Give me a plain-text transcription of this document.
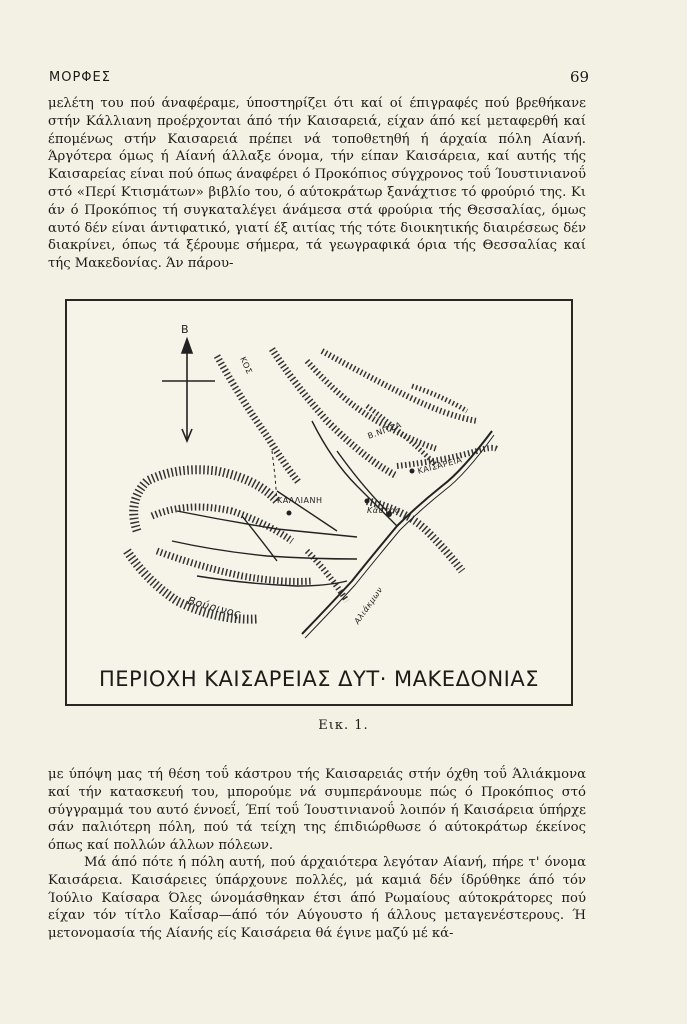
ΜΟΡΦΕΣ	69

μελέτη του πού άναφέραμε, ύποστηρίζει ότι καί οί έπιγραφές πού βρεθήκανε στήν Κάλλιανη προέρχονται άπό τήν Καισαρειά, είχαν άπό κεί μεταφερθή καί έπομένως στήν Καισαρειά πρέπει νά τοποθετηθή ή άρχαία πόλη Αίανή. Άργότερα όμως ή Αίανή άλλαξε όνομα, τήν είπαν Καισάρεια, καί αυτής τής Καισαρείας είναι πού όπως άναφέρει ό Προκόπιος σύγχρονος τοΰ Ίουστινιανοΰ στό «Περί Κτισμάτων» βιβλίο του, ό αύτοκράτωρ ξανάχτισε τό φρούριό της. Κι άν ό Προκόπιος τή συγκαταλέγει άνάμεσα στά φρούρια τής Θεσσαλίας, όμως αυτό δέν είναι άντιφατικό, γιατί έξ αιτίας τής τότε διοικητικής διαιρέσεως δέν διακρίνει, όπως τά ξέρουμε σήμερα, τά γεωγραφικά όρια τής Θεσσαλίας καί τής Μακεδονίας. Άν πάρου-

Β
ΚΟΣ
Β.ΝΙΤΣΑ
ΚΑΙΣΑΡΕΙΑ
ΚΑΛΛΙΑΝΗ
Κάστρο
Αλιάκμων
Βούρινος
ΠΕΡΙΟΧΗ ΚΑΙΣΑΡΕΙΑΣ ΔΥΤ· ΜΑΚΕΔΟΝΙΑΣ
Εικ. 1.

με ύπόψη μας τή θέση τοΰ κάστρου τής Καισαρειάς στήν όχθη τοΰ Άλιάκμονα καί τήν κατασκευή του, μπορούμε νά συμπεράνουμε πώς ό Προκόπιος στό σύγγραμμά του αυτό έννοεΐ, Έπί τοΰ Ίουστινιανοΰ λοιπόν ή Καισάρεια ύπήρχε σάν παλιότερη πόλη, πού τά τείχη της έπιδιώρθωσε ό αύτοκράτωρ έκείνος όπως καί πολλών άλλων πόλεων.

Μά άπό πότε ή πόλη αυτή, πού άρχαιότερα λεγόταν Αίανή, πήρε τ' όνομα Καισάρεια. Καισάρειες ύπάρχουνε πολλές, μά καμιά δέν ίδρύθηκε άπό τόν Ίούλιο Καίσαρα Όλες ώνομάσθηκαν έτσι άπό Ρωμαίους αύτοκράτορες πού είχαν τόν τίτλο Καΐσαρ—άπό τόν Αύγουστο ή άλλους μεταγενέστερους. Ή μετονομασία τής Αίανής είς Καισάρεια θά έγινε μαζύ μέ κά-
